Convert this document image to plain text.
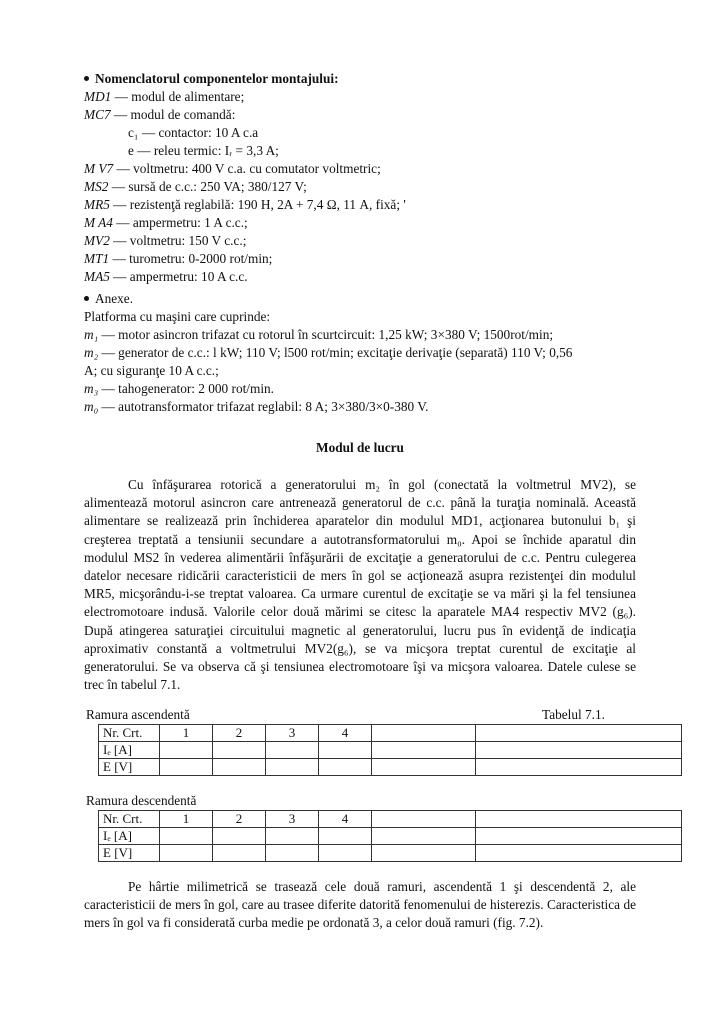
Nomenclatorul componentelor montajului:
MD1 — modul de alimentare;
MC7 — modul de comandă:
c₁ — contactor: 10 A c.a
e — releu termic: Iᵣ = 3,3 A;
M V7 — voltmetru: 400 V c.a. cu comutator voltmetric;
MS2 — sursă de c.c.: 250 VA; 380/127 V;
MR5 — rezistenţă reglabilă: 190 H, 2A + 7,4 Ω, 11 A, fixă; '
M A4 — ampermetru: 1 A c.c.;
MV2 — voltmetru: 150 V c.c.;
MT1 — turometru: 0-2000 rot/min;
MA5 — ampermetru: 10 A c.c.
Anexe.
Platforma cu maşini care cuprinde:
m₁ — motor asincron trifazat cu rotorul în scurtcircuit: 1,25 kW; 3×380 V; 1500rot/min;
m₂ — generator de c.c.: l kW; 110 V; l500 rot/min; excitaţie derivaţie (separată) 110 V; 0,56
A; cu siguranţe 10 A c.c.;
m₃ — tahogenerator: 2 000 rot/min.
m₀ — autotransformator trifazat reglabil: 8 A; 3×380/3×0-380 V.
Modul de lucru

Cu înfăşurarea rotorică a generatorului m₂ în gol (conectată la voltmetrul MV2), se alimentează motorul asincron care antrenează generatorul de c.c. până la turaţia nominală. Această alimentare se realizează prin închiderea aparatelor din modulul MD1, acţionarea butonului b₁ şi creşterea treptată a tensiunii secundare a autotransformatorului m₀. Apoi se închide aparatul din modulul MS2 în vederea alimentării înfăşurării de excitaţie a generatorului de c.c. Pentru culegerea datelor necesare ridicării caracteristicii de mers în gol se acţionează asupra rezistenţei din modulul MR5, micşorându-i-se treptat valoarea. Ca urmare curentul de excitaţie se va mări şi la fel tensiunea electromotoare indusă. Valorile celor două mărimi se citesc la aparatele MA4 respectiv MV2 (g₆). După atingerea saturaţiei circuitului magnetic al generatorului, lucru pus în evidenţă de indicaţia aproximativ constantă a voltmetrului MV2(g₆), se va micşora treptat curentul de excitaţie al generatorului. Se va observa că şi tensiunea electromotoare îşi va micşora valoarea. Datele culese se trec în tabelul 7.1.

Ramura ascendentă	Tabelul 7.1.
Nr. Crt.	1	2	3	4		
Iₑ [A]						
E [V]						
Ramura descendentă
Nr. Crt.	1	2	3	4		
Iₑ [A]						
E [V]						

Pe hârtie milimetrică se trasează cele două ramuri, ascendentă 1 şi descendentă 2, ale caracteristicii de mers în gol, care au trasee diferite datorită fenomenului de histerezis. Caracteristica de mers în gol va fi considerată curba medie pe ordonată 3, a celor două ramuri (fig. 7.2).
